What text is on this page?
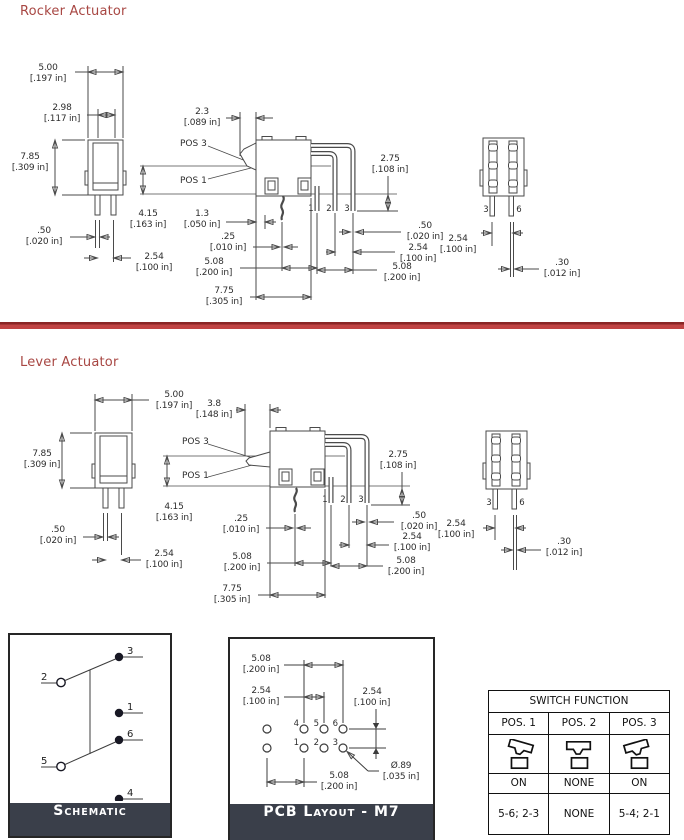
Rocker Actuator
Lever Actuator
1 2 3	3	6
1 2 3	3	6
5.00
[.197 in]
2.98
[.117 in]
7.85
[.309 in]
.50
[.020 in]
2.54
[.100 in]
4.15
[.163 in]
2.3
[.089 in]
POS 3
POS 1
1.3
[.050 in]
.25
[.010 in]
5.08
[.200 in]
7.75
[.305 in]
2.75
[.108 in]
.50
[.020 in]
2.54
[.100 in]
5.08
[.200 in]
2.54
[.100 in]
.30
[.012 in]
5.00
[.197 in] 3.8
[.148 in]
7.85
[.309 in]
.50
[.020 in]
2.54
[.100 in]
4.15
[.163 in]
POS 3
POS 1
.25
[.010 in]
5.08
[.200 in]
7.75
[.305 in]
2.75
[.108 in]
.50
[.020 in]
2.54
[.100 in]
5.08
[.200 in]
2.54
[.100 in]
.30
[.012 in]
3
2
1
6
5
4
S CHEMATIC
4 5 6
1 2 3
5.08
[.200 in]
2.54
[.100 in]
2.54
[.100 in]
5.08
[.200 in]
Ø.89
[.035 in]
PCB L AYOUT - M7
SWITCH FUNCTION		
POS. 1	POS. 2	POS. 3

ON	NONE	ON
5-6; 2-3	NONE	5-4; 2-1
